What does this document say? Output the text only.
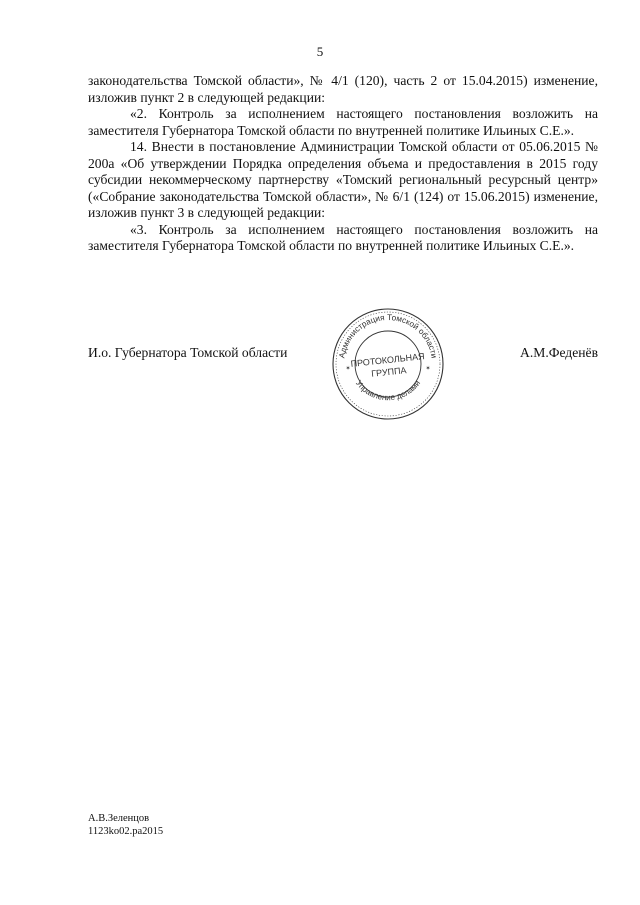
5

законодательства Томской области», № 4/1 (120), часть 2 от 15.04.2015) изменение, изложив пункт 2 в следующей редакции:

«2. Контроль за исполнением настоящего постановления возложить на заместителя Губернатора Томской области по внутренней политике Ильиных С.Е.».

14. Внести в постановление Администрации Томской области от 05.06.2015 № 200а «Об утверждении Порядка определения объема и предоставления в 2015 году субсидии некоммерческому партнерству «Томский региональный ресурсный центр» («Собрание законодательства Томской области», № 6/1 (124) от 15.06.2015) изменение, изложив пункт 3 в следующей редакции:

«3. Контроль за исполнением настоящего постановления возложить на заместителя Губернатора Томской области по внутренней политике Ильиных С.Е.».

И.о. Губернатора Томской области	А.М.Феденёв
Администрация Томской области
Управление делами
ПРОТОКОЛЬНАЯ
ГРУППА
✶	✶
А.В.Зеленцов
1123ko02.pa2015
